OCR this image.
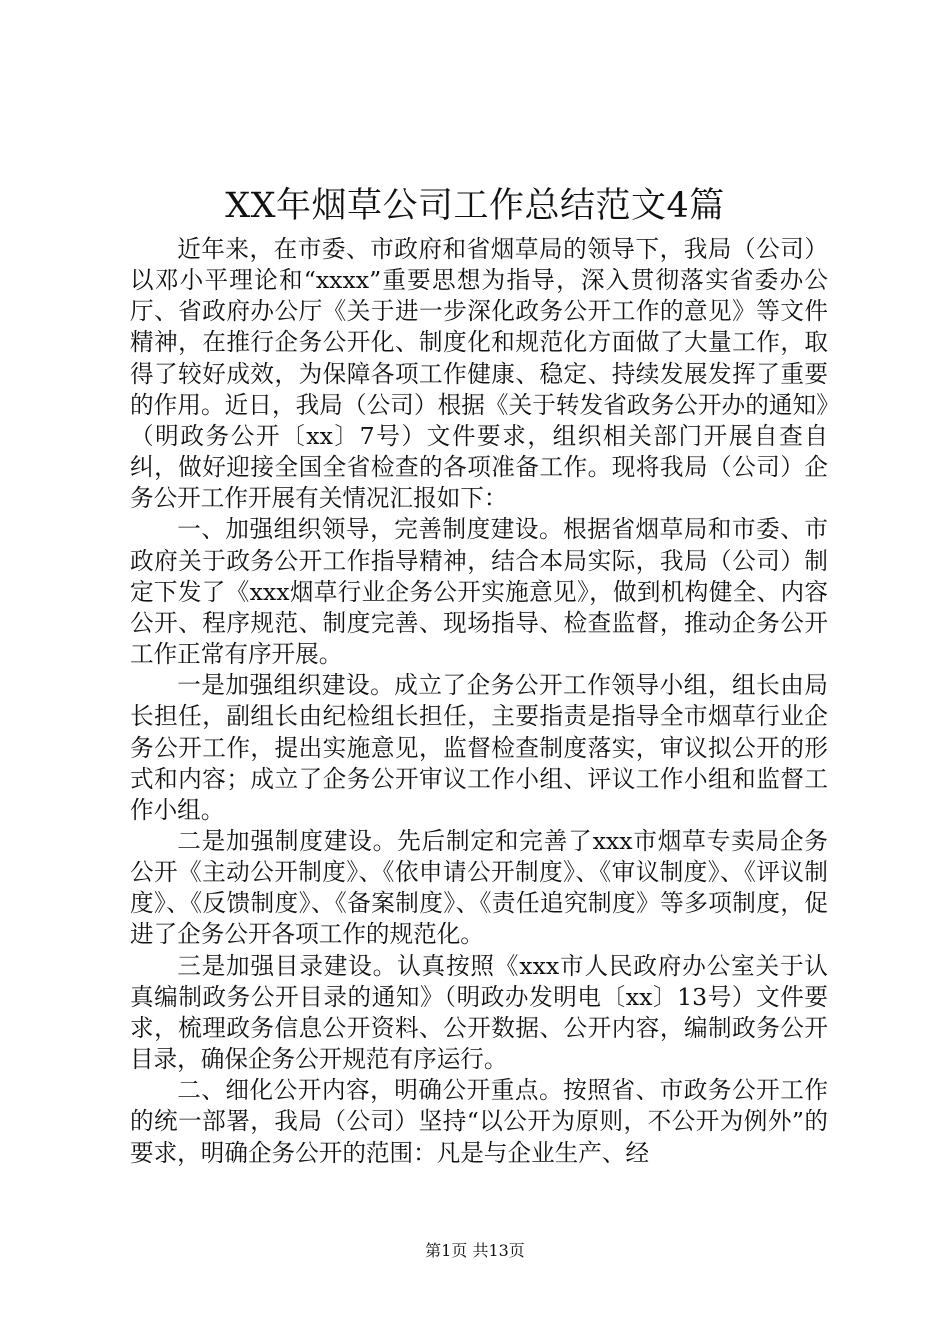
XX年烟草公司工作总结范文4篇

近年来，在市委、市政府和省烟草局的领导下，我局（公司）以邓小平理论和“xxxx”重要思想为指导，深入贯彻落实省委办公厅、省政府办公厅《关于进一步深化政务公开工作的意见》等文件精神，在推行企务公开化、制度化和规范化方面做了大量工作，取得了较好成效，为保障各项工作健康、稳定、持续发展发挥了重要的作用。近日，我局（公司）根据《关于转发省政务公开办的通知》（明政务公开〔xx〕7号）文件要求，组织相关部门开展自查自纠，做好迎接全国全省检查的各项准备工作。现将我局（公司）企务公开工作开展有关情况汇报如下：

一、加强组织领导，完善制度建设。根据省烟草局和市委、市政府关于政务公开工作指导精神，结合本局实际，我局（公司）制定下发了《xxx烟草行业企务公开实施意见》，做到机构健全、内容公开、程序规范、制度完善、现场指导、检查监督，推动企务公开工作正常有序开展。

一是加强组织建设。成立了企务公开工作领导小组，组长由局长担任，副组长由纪检组长担任，主要指责是指导全市烟草行业企务公开工作，提出实施意见，监督检查制度落实，审议拟公开的形式和内容；成立了企务公开审议工作小组、评议工作小组和监督工作小组。

二是加强制度建设。先后制定和完善了xxx市烟草专卖局企务公开《主动公开制度》、《依申请公开制度》、《审议制度》、《评议制度》、《反馈制度》、《备案制度》、《责任追究制度》等多项制度，促进了企务公开各项工作的规范化。

三是加强目录建设。认真按照《xxx市人民政府办公室关于认真编制政务公开目录的通知》（明政办发明电〔xx〕13号）文件要求，梳理政务信息公开资料、公开数据、公开内容，编制政务公开目录，确保企务公开规范有序运行。

二、细化公开内容，明确公开重点。按照省、市政务公开工作的统一部署，我局（公司）坚持“以公开为原则，不公开为例外”的要求，明确企务公开的范围：凡是与企业生产、经

第1页 共13页
